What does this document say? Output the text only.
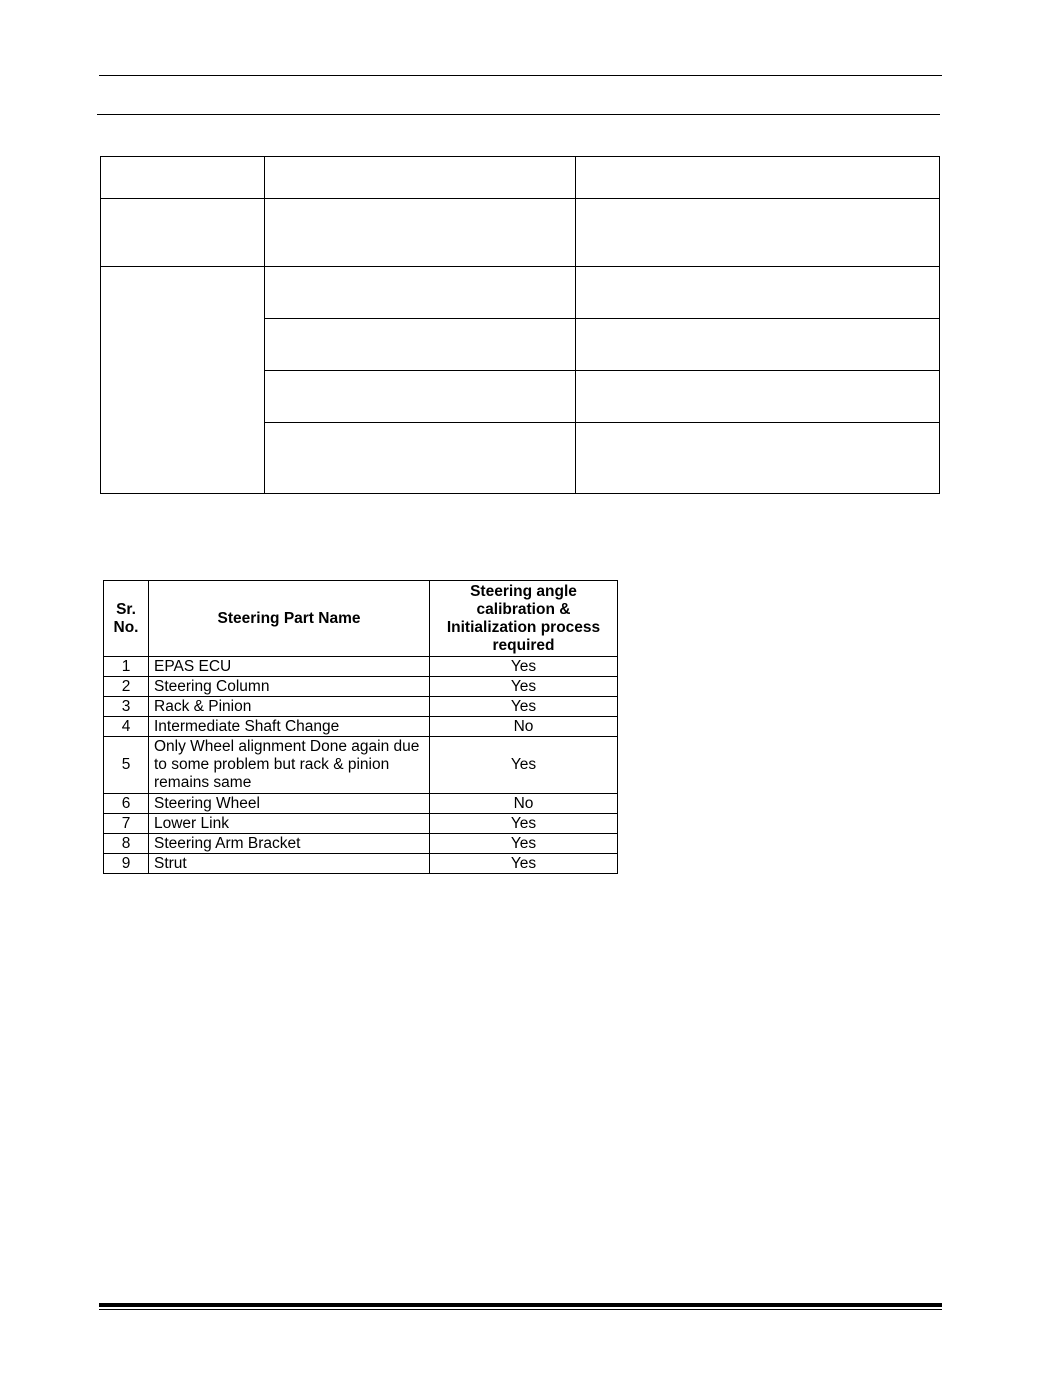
Sr. No.	Steering Part Name	Steering angle calibration & Initialization process required
1	EPAS ECU	Yes
2	Steering Column	Yes
3	Rack & Pinion	Yes
4	Intermediate Shaft Change	No
5	Only Wheel alignment Done again due to some problem but rack & pinion remains same	Yes
6	Steering Wheel	No
7	Lower Link	Yes
8	Steering Arm Bracket	Yes
9	Strut	Yes
